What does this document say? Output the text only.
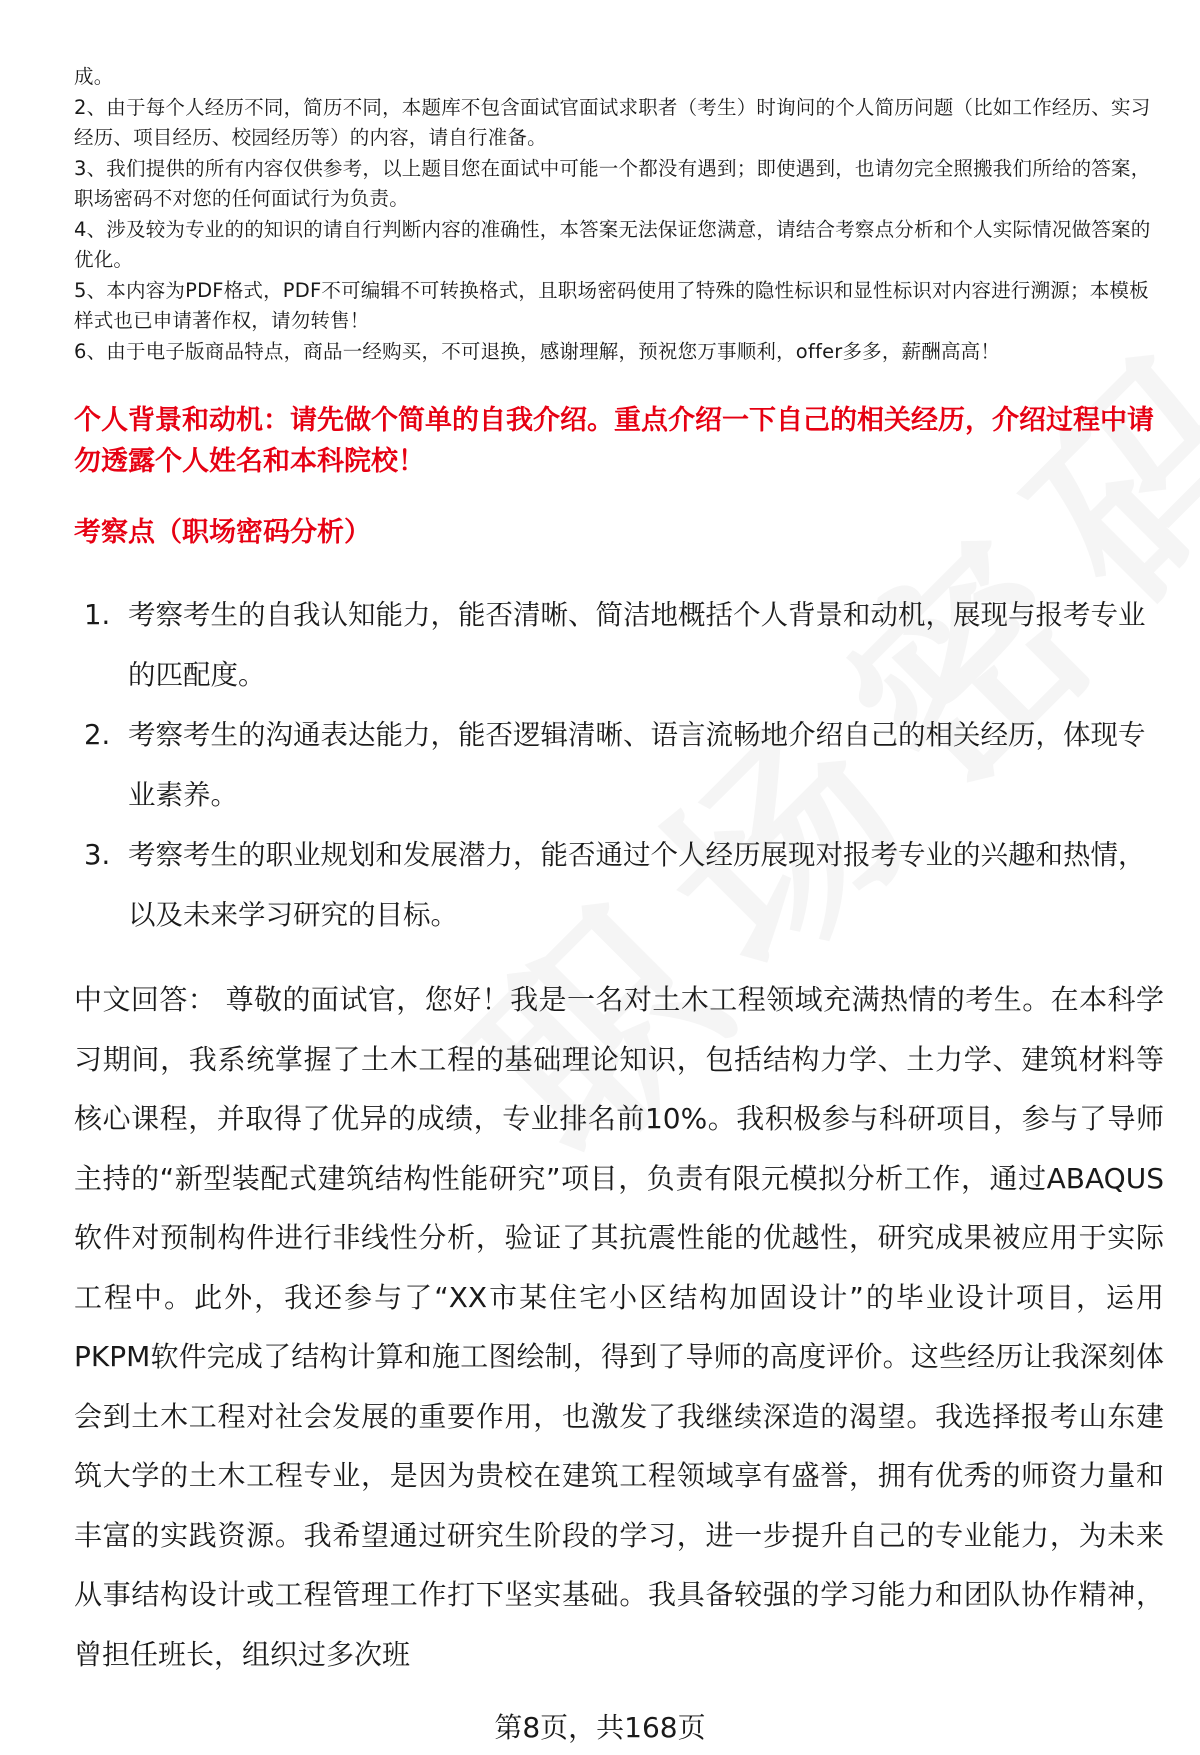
成。

2、由于每个人经历不同，简历不同，本题库不包含面试官面试求职者（考生）时询问的个人简历问题（比如工作经历、实习经历、项目经历、校园经历等）的内容，请自行准备。

3、我们提供的所有内容仅供参考，以上题目您在面试中可能一个都没有遇到；即使遇到，也请勿完全照搬我们所给的答案，职场密码不对您的任何面试行为负责。

4、涉及较为专业的的知识的请自行判断内容的准确性，本答案无法保证您满意，请结合考察点分析和个人实际情况做答案的优化。

5、本内容为PDF格式，PDF不可编辑不可转换格式，且职场密码使用了特殊的隐性标识和显性标识对内容进行溯源；本模板样式也已申请著作权，请勿转售！

6、由于电子版商品特点，商品一经购买，不可退换，感谢理解，预祝您万事顺利，offer多多，薪酬高高！

个人背景和动机：请先做个简单的自我介绍。重点介绍一下自己的相关经历，介绍过程中请勿透露个人姓名和本科院校！

考察点（职场密码分析）

1. 考察考生的自我认知能力，能否清晰、简洁地概括个人背景和动机，展现与报考专业的匹配度。
2. 考察考生的沟通表达能力，能否逻辑清晰、语言流畅地介绍自己的相关经历，体现专业素养。
3. 考察考生的职业规划和发展潜力，能否通过个人经历展现对报考专业的兴趣和热情，以及未来学习研究的目标。

中文回答： 尊敬的面试官，您好！我是一名对土木工程领域充满热情的考生。在本科学习期间，我系统掌握了土木工程的基础理论知识，包括结构力学、土力学、建筑材料等核心课程，并取得了优异的成绩，专业排名前10%。我积极参与科研项目，参与了导师主持的“新型装配式建筑结构性能研究”项目，负责有限元模拟分析工作，通过ABAQUS软件对预制构件进行非线性分析，验证了其抗震性能的优越性，研究成果被应用于实际工程中。此外，我还参与了“XX市某住宅小区结构加固设计”的毕业设计项目，运用PKPM软件完成了结构计算和施工图绘制，得到了导师的高度评价。这些经历让我深刻体会到土木工程对社会发展的重要作用，也激发了我继续深造的渴望。我选择报考山东建筑大学的土木工程专业，是因为贵校在建筑工程领域享有盛誉，拥有优秀的师资力量和丰富的实践资源。我希望通过研究生阶段的学习，进一步提升自己的专业能力，为未来从事结构设计或工程管理工作打下坚实基础。我具备较强的学习能力和团队协作精神，曾担任班长，组织过多次班

第8页，共168页
